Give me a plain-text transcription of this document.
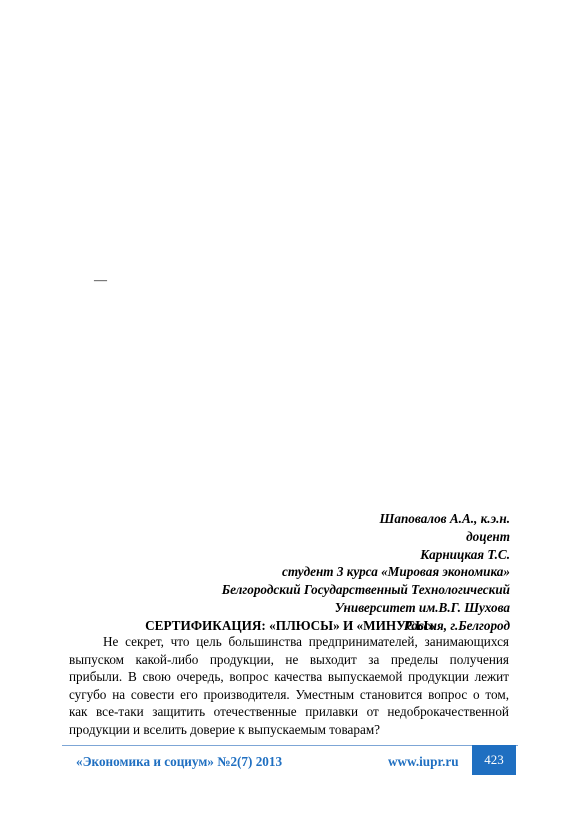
—
Шаповалов А.А., к.э.н.
доцент
Карницкая Т.С.
студент 3 курса «Мировая экономика»
Белгородский Государственный Технологический
Университет им.В.Г. Шухова
Россия, г.Белгород
СЕРТИФИКАЦИЯ: «ПЛЮСЫ» И «МИНУСЫ»
Не секрет, что цель большинства предпринимателей, занимающихся
выпуском какой-либо продукции, не выходит за пределы получения
прибыли. В свою очередь, вопрос качества выпускаемой продукции лежит
сугубо на совести его производителя. Уместным становится вопрос о том,
как все-таки защитить отечественные прилавки от недоброкачественной
продукции и вселить доверие к выпускаемым товарам?
«Экономика и социум» №2(7) 2013	www.iupr.ru	423
